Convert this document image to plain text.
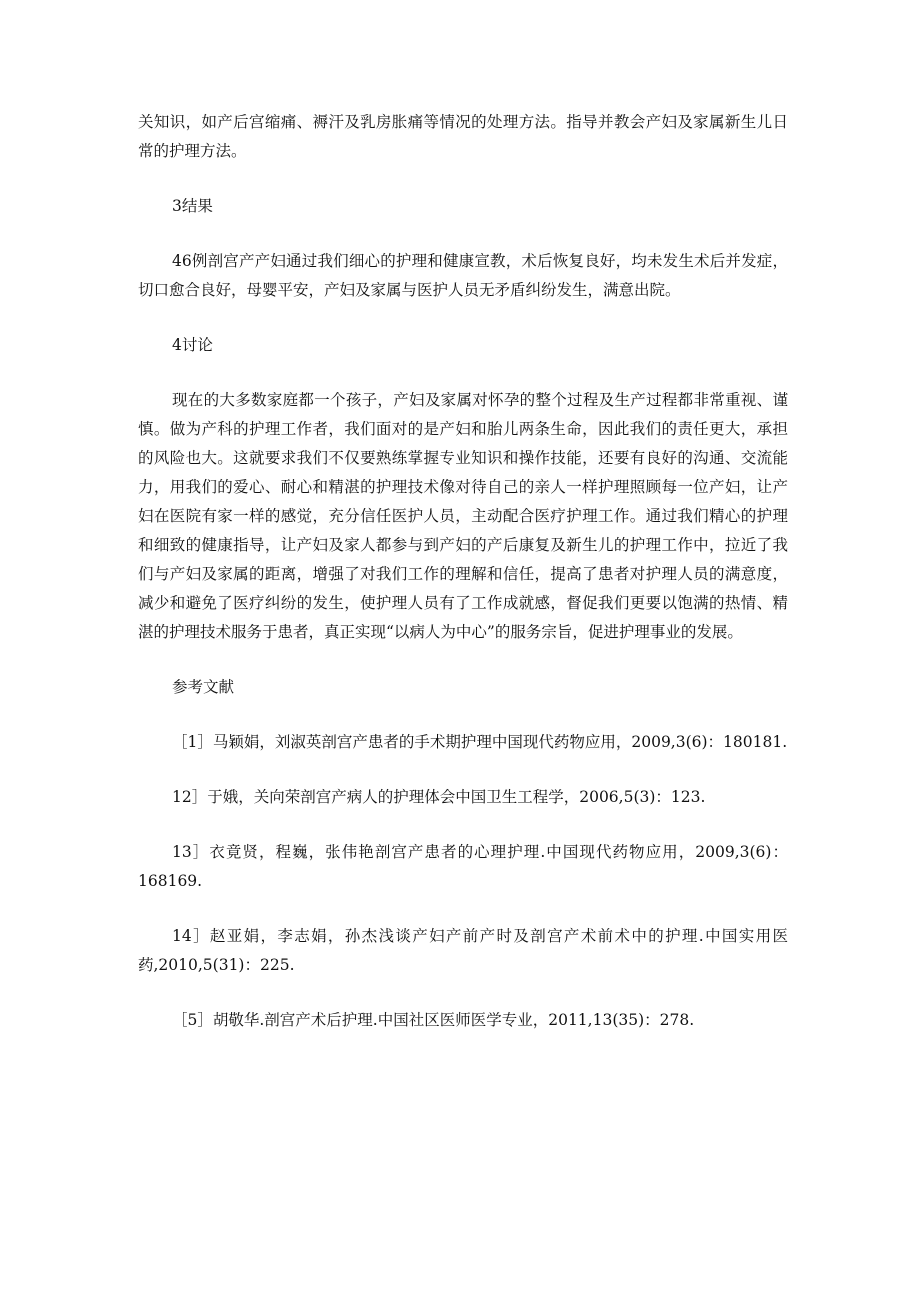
关知识，如产后宫缩痛、褥汗及乳房胀痛等情况的处理方法。指导并教会产妇及家属新生儿日常的护理方法。

3结果

46例剖宫产产妇通过我们细心的护理和健康宣教，术后恢复良好，均未发生术后并发症，切口愈合良好，母婴平安，产妇及家属与医护人员无矛盾纠纷发生，满意出院。

4讨论

现在的大多数家庭都一个孩子，产妇及家属对怀孕的整个过程及生产过程都非常重视、谨慎。做为产科的护理工作者，我们面对的是产妇和胎儿两条生命，因此我们的责任更大，承担的风险也大。这就要求我们不仅要熟练掌握专业知识和操作技能，还要有良好的沟通、交流能力，用我们的爱心、耐心和精湛的护理技术像对待自己的亲人一样护理照顾每一位产妇，让产妇在医院有家一样的感觉，充分信任医护人员，主动配合医疗护理工作。通过我们精心的护理和细致的健康指导，让产妇及家人都参与到产妇的产后康复及新生儿的护理工作中，拉近了我们与产妇及家属的距离，增强了对我们工作的理解和信任，提高了患者对护理人员的满意度，减少和避免了医疗纠纷的发生，使护理人员有了工作成就感，督促我们更要以饱满的热情、精湛的护理技术服务于患者，真正实现“以病人为中心”的服务宗旨，促进护理事业的发展。

参考文献

［1］马颖娟，刘淑英剖宫产患者的手术期护理中国现代药物应用，2009,3(6)：180181.

12］于娥，关向荣剖宫产病人的护理体会中国卫生工程学，2006,5(3)：123.

13］衣竟贤，程巍，张伟艳剖宫产患者的心理护理.中国现代药物应用，2009,3(6)：168169.

14］赵亚娟，李志娟，孙杰浅谈产妇产前产时及剖宫产术前术中的护理.中国实用医药,2010,5(31)：225.

［5］胡敬华.剖宫产术后护理.中国社区医师医学专业，2011,13(35)：278.
